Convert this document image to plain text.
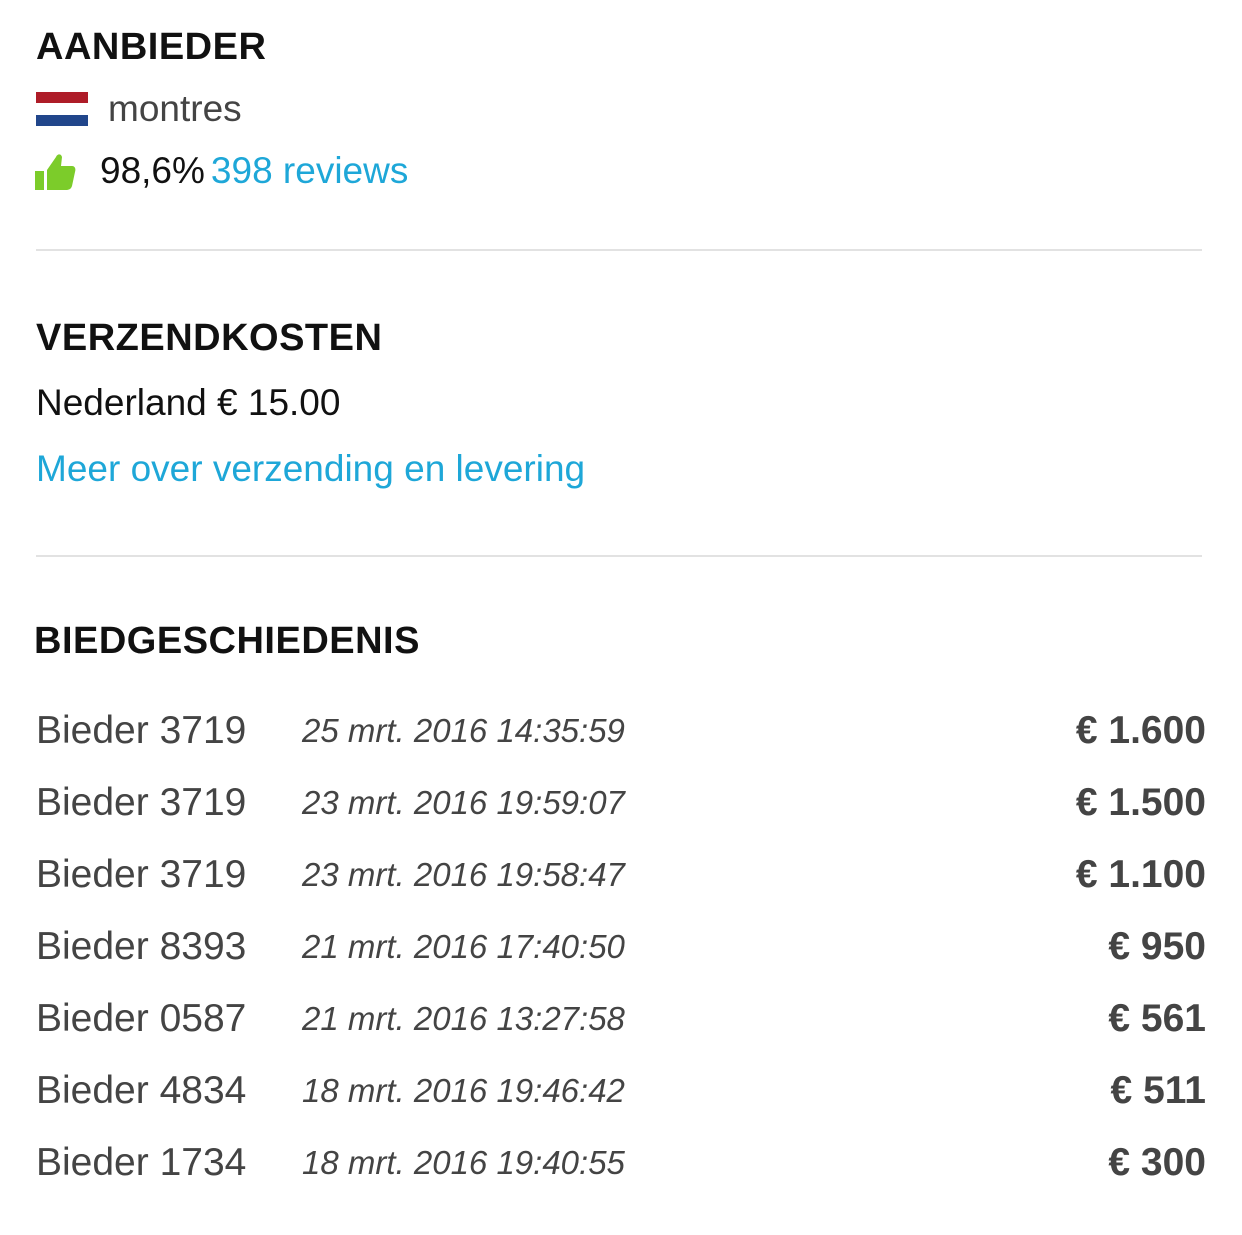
AANBIEDER
montres
98,6% 398 reviews
VERZENDKOSTEN
Nederland € 15.00
Meer over verzending en levering
BIEDGESCHIEDENIS
Bieder 3719	25 mrt. 2016 14:35:59	€ 1.600
Bieder 3719	23 mrt. 2016 19:59:07	€ 1.500
Bieder 3719	23 mrt. 2016 19:58:47	€ 1.100
Bieder 8393	21 mrt. 2016 17:40:50	€ 950
Bieder 0587	21 mrt. 2016 13:27:58	€ 561
Bieder 4834	18 mrt. 2016 19:46:42	€ 511
Bieder 1734	18 mrt. 2016 19:40:55	€ 300
